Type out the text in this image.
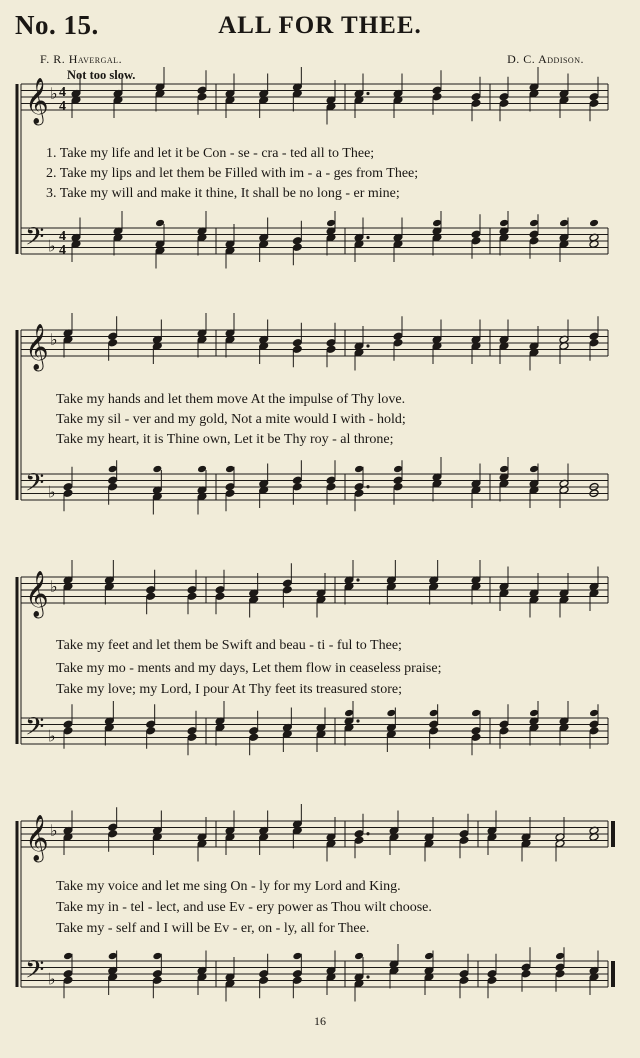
No. 15.	ALL FOR THEE.
F. R. Havergal.	D. C. Addison.
Not too slow.
𝄞 ♭ 4
4
𝄢 ♭ 4
4
𝄞 ♭
𝄢 ♭
𝄞 ♭
𝄢 ♭
𝄞 ♭
𝄢 ♭
1. Take my life and let it be Con - se - cra - ted all to Thee;
2. Take my lips and let them be Filled with im - a - ges from Thee;
3. Take my will and make it thine, It shall be no long - er mine;
Take my hands and let them move At the impulse of Thy love.
Take my sil - ver and my gold, Not a mite would I with - hold;
Take my heart, it is Thine own, Let it be Thy roy - al throne;
Take my feet and let them be Swift and beau - ti - ful to Thee;
Take my mo - ments and my days, Let them flow in ceaseless praise;
Take my love; my Lord, I pour At Thy feet its treasured store;
Take my voice and let me sing On - ly for my Lord and King.
Take my in - tel - lect, and use Ev - ery power as Thou wilt choose.
Take my - self and I will be Ev - er, on - ly, all for Thee.
16
